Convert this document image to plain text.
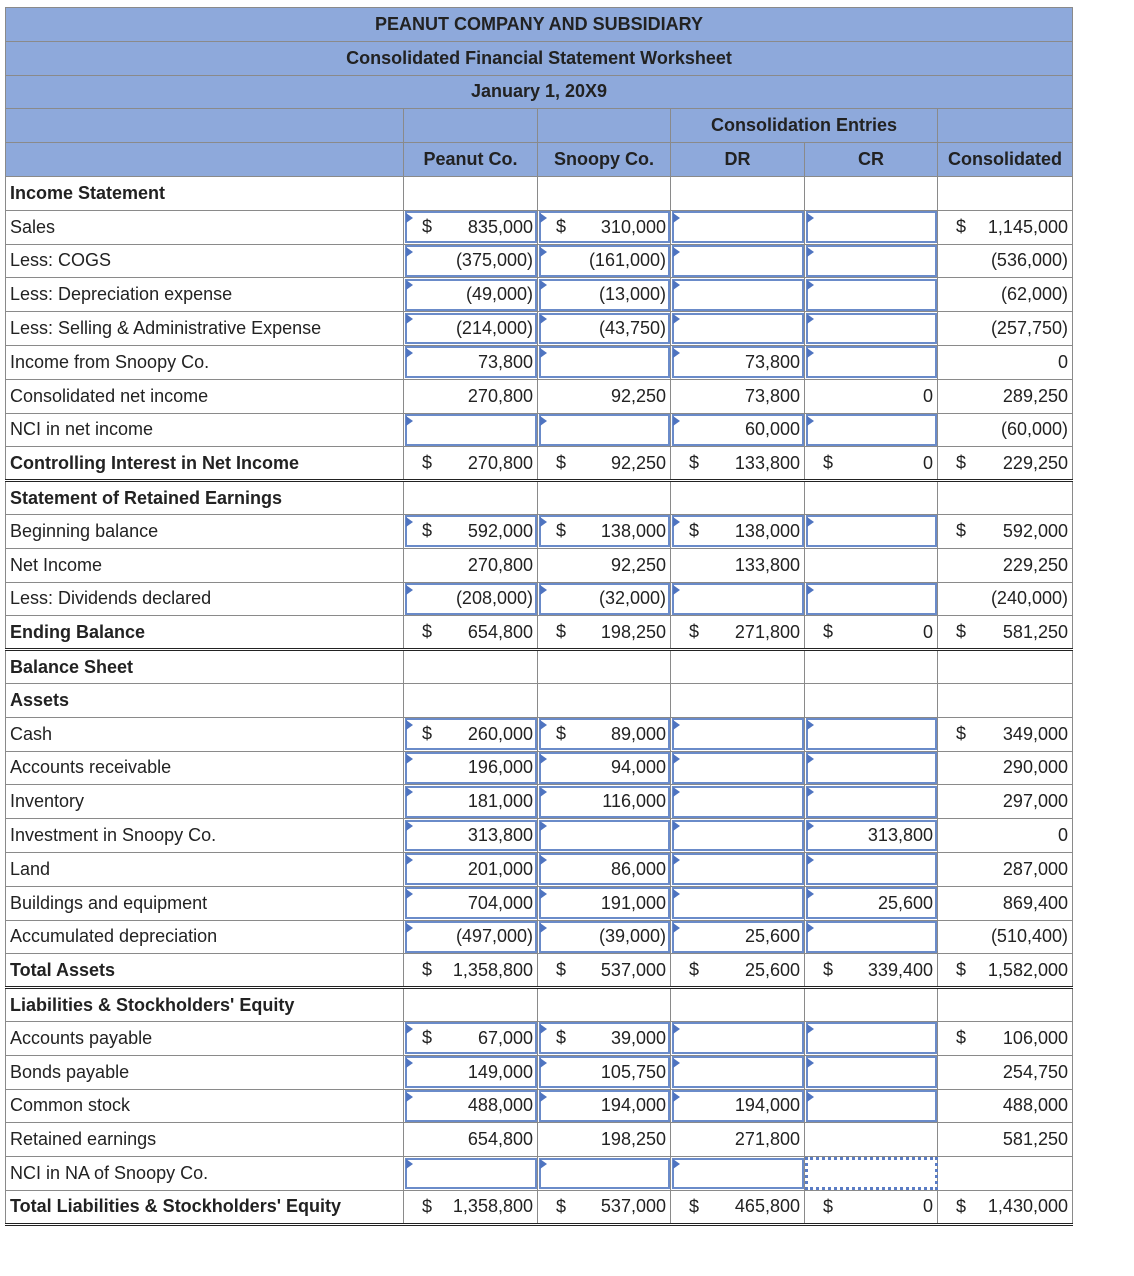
PEANUT COMPANY AND SUBSIDIARY					
Consolidated Financial Statement Worksheet					
January 1, 20X9					
			Consolidation Entries		
	Peanut Co.	Snoopy Co.	DR	CR	Consolidated
Income Statement					
Sales	$ 835,000	$ 310,000			$ 1,145,000
Less: COGS	(375,000)	(161,000)			(536,000)
Less: Depreciation expense	(49,000)	(13,000)			(62,000)
Less: Selling & Administrative Expense	(214,000)	(43,750)			(257,750)
Income from Snoopy Co.	73,800		73,800		0
Consolidated net income	270,800	92,250	73,800	0	289,250
NCI in net income			60,000		(60,000)
Controlling Interest in Net Income	$ 270,800	$ 92,250	$ 133,800	$ 0	$ 229,250
Statement of Retained Earnings					
Beginning balance	$ 592,000	$ 138,000	$ 138,000		$ 592,000
Net Income	270,800	92,250	133,800		229,250
Less: Dividends declared	(208,000)	(32,000)			(240,000)
Ending Balance	$ 654,800	$ 198,250	$ 271,800	$ 0	$ 581,250
Balance Sheet					
Assets					
Cash	$ 260,000	$ 89,000			$ 349,000
Accounts receivable	196,000	94,000			290,000
Inventory	181,000	116,000			297,000
Investment in Snoopy Co.	313,800			313,800	0
Land	201,000	86,000			287,000
Buildings and equipment	704,000	191,000		25,600	869,400
Accumulated depreciation	(497,000)	(39,000)	25,600		(510,400)
Total Assets	$ 1,358,800	$ 537,000	$ 25,600	$ 339,400	$ 1,582,000
Liabilities & Stockholders' Equity					
Accounts payable	$ 67,000	$ 39,000			$ 106,000
Bonds payable	149,000	105,750			254,750
Common stock	488,000	194,000	194,000		488,000
Retained earnings	654,800	198,250	271,800		581,250
NCI in NA of Snoopy Co.					
Total Liabilities & Stockholders' Equity	$ 1,358,800	$ 537,000	$ 465,800	$ 0	$ 1,430,000
